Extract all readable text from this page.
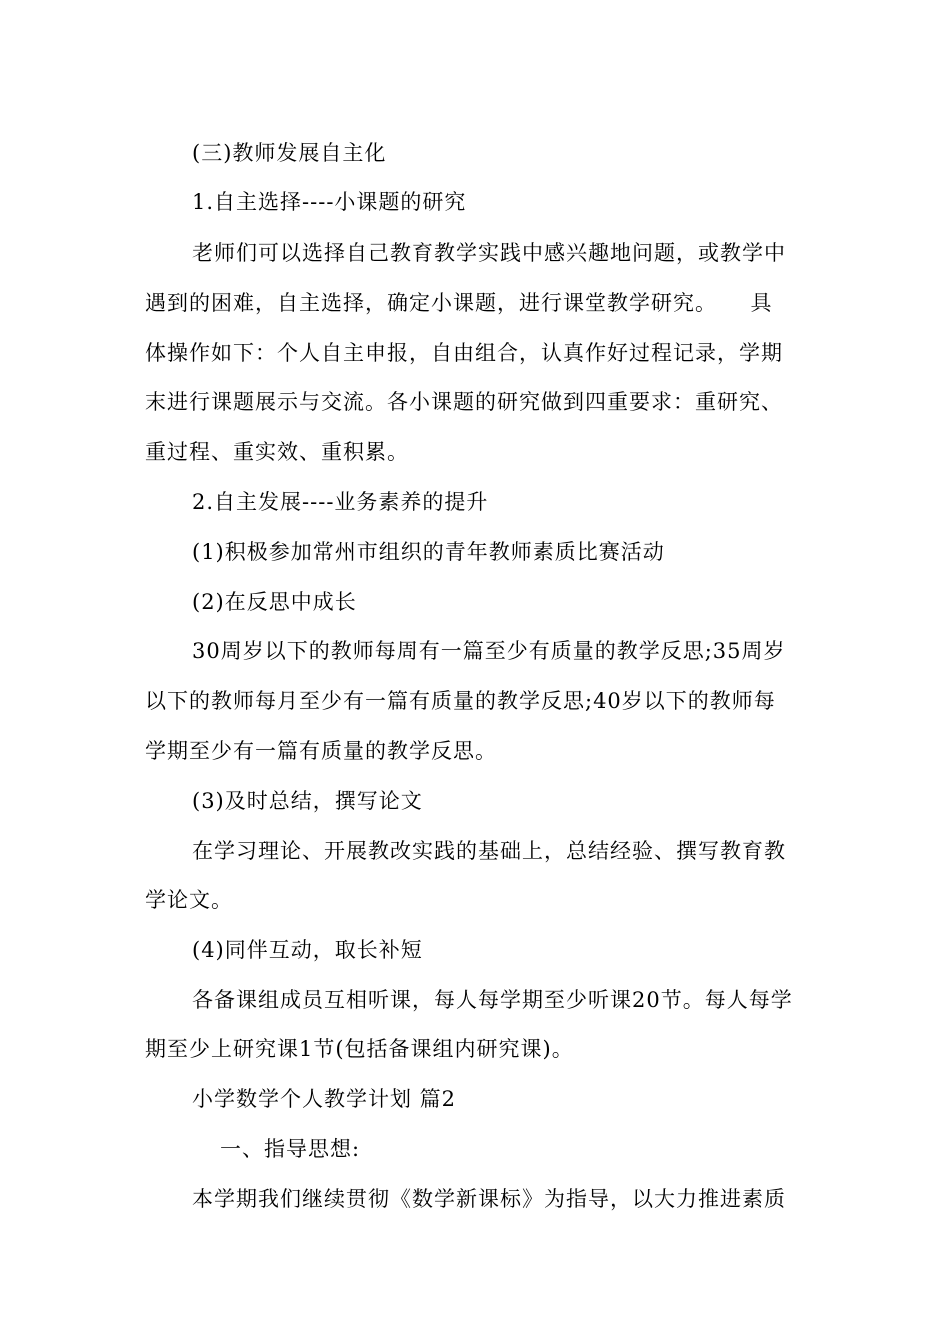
(三)教师发展自主化
1.自主选择----小课题的研究
老师们可以选择自己教育教学实践中感兴趣地问题，或教学中
遇到的困难，自主选择，确定小课题，进行课堂教学研究。　　具
体操作如下：个人自主申报，自由组合，认真作好过程记录，学期
末进行课题展示与交流。各小课题的研究做到四重要求：重研究、
重过程、重实效、重积累。
2.自主发展----业务素养的提升
(1)积极参加常州市组织的青年教师素质比赛活动
(2)在反思中成长
30周岁以下的教师每周有一篇至少有质量的教学反思;35周岁
以下的教师每月至少有一篇有质量的教学反思;40岁以下的教师每
学期至少有一篇有质量的教学反思。
(3)及时总结，撰写论文
在学习理论、开展教改实践的基础上，总结经验、撰写教育教
学论文。
(4)同伴互动，取长补短
各备课组成员互相听课，每人每学期至少听课20节。每人每学
期至少上研究课1节(包括备课组内研究课)。
小学数学个人教学计划 篇2
一、指导思想:
本学期我们继续贯彻《数学新课标》为指导，以大力推进素质
